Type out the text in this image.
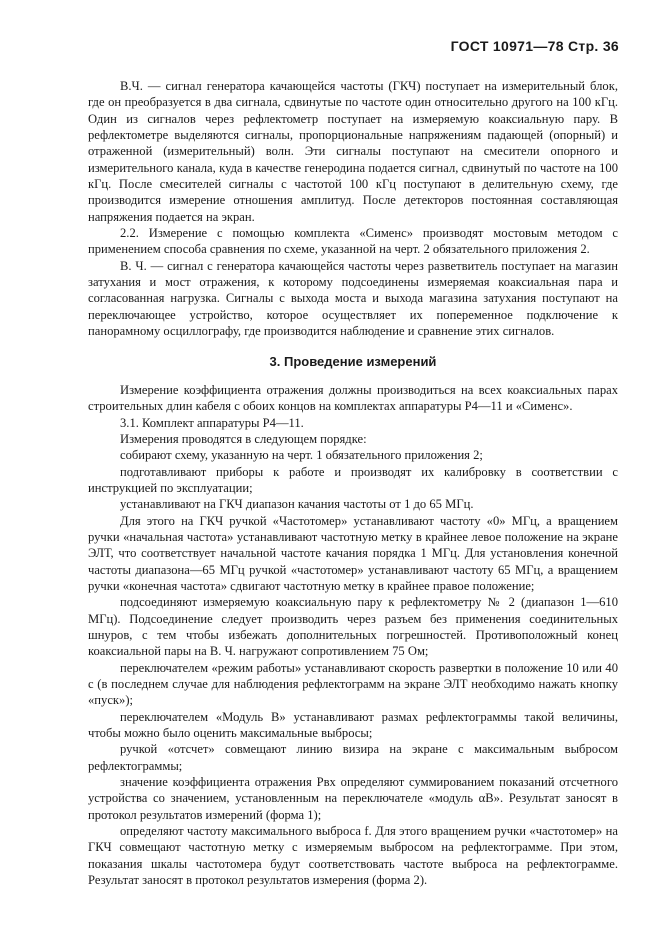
ГОСТ 10971—78 Стр. 36

В.Ч. — сигнал генератора качающейся частоты (ГКЧ) поступает на измерительный блок, где он преобразуется в два сигнала, сдвинутые по частоте один относительно другого на 100 кГц. Один из сигналов через рефлектометр поступает на измеряемую коаксиальную пару. В рефлектометре выделяются сигналы, пропорциональные напряжениям падающей (опорный) и отраженной (измерительный) волн. Эти сигналы поступают на смесители опорного и измерительного канала, куда в качестве генеродина подается сигнал, сдвинутый по частоте на 100 кГц. После смесителей сигналы с частотой 100 кГц поступают в делительную схему, где производится измерение отношения амплитуд. После детекторов постоянная составляющая напряжения подается на экран.

2.2. Измерение с помощью комплекта «Сименс» производят мостовым методом с применением способа сравнения по схеме, указанной на черт. 2 обязательного приложения 2.

В. Ч. — сигнал с генератора качающейся частоты через разветвитель поступает на магазин затухания и мост отражения, к которому подсоединены измеряемая коаксиальная пара и согласованная нагрузка. Сигналы с выхода моста и выхода магазина затухания поступают на переключающее устройство, которое осуществляет их попеременное подключение к панорамному осциллографу, где производится наблюдение и сравнение этих сигналов.

3. Проведение измерений

Измерение коэффициента отражения должны производиться на всех коаксиальных парах строительных длин кабеля с обоих концов на комплектах аппаратуры Р4—11 и «Сименс».

3.1. Комплект аппаратуры Р4—11.

Измерения проводятся в следующем порядке:

собирают схему, указанную на черт. 1 обязательного приложения 2;

подготавливают приборы к работе и производят их калибровку в соответствии с инструкцией по эксплуатации;

устанавливают на ГКЧ диапазон качания частоты от 1 до 65 МГц.

Для этого на ГКЧ ручкой «Частотомер» устанавливают частоту «0» МГц, а вращением ручки «начальная частота» устанавливают частотную метку в крайнее левое положение на экране ЭЛТ, что соответствует начальной частоте качания порядка 1 МГц. Для установления конечной частоты диапазона—65 МГц ручкой «частотомер» устанавливают частоту 65 МГц, а вращением ручки «конечная частота» сдвигают частотную метку в крайнее правое положение;

подсоединяют измеряемую коаксиальную пару к рефлектометру № 2 (диапазон 1—610 МГц). Подсоединение следует производить через разъем без применения соединительных шнуров, с тем чтобы избежать дополнительных погрешностей. Противоположный конец коаксиальной пары на В. Ч. нагружают сопротивлением 75 Ом;

переключателем «режим работы» устанавливают скорость развертки в положение 10 или 40 с (в последнем случае для наблюдения рефлектограмм на экране ЭЛТ необходимо нажать кнопку «пуск»);

переключателем «Модуль В» устанавливают размах рефлектограммы такой величины, чтобы можно было оценить максимальные выбросы;

ручкой «отсчет» совмещают линию визира на экране с максимальным выбросом рефлектограммы;

значение коэффициента отражения Рвх определяют суммированием показаний отсчетного устройства со значением, установленным на переключателе «модуль αВ». Результат заносят в протокол результатов измерений (форма 1);

определяют частоту максимального выброса f. Для этого вращением ручки «частотомер» на ГКЧ совмещают частотную метку с измеряемым выбросом на рефлектограмме. При этом, показания шкалы частотомера будут соответствовать частоте выброса на рефлектограмме. Результат заносят в протокол результатов измерения (форма 2).
